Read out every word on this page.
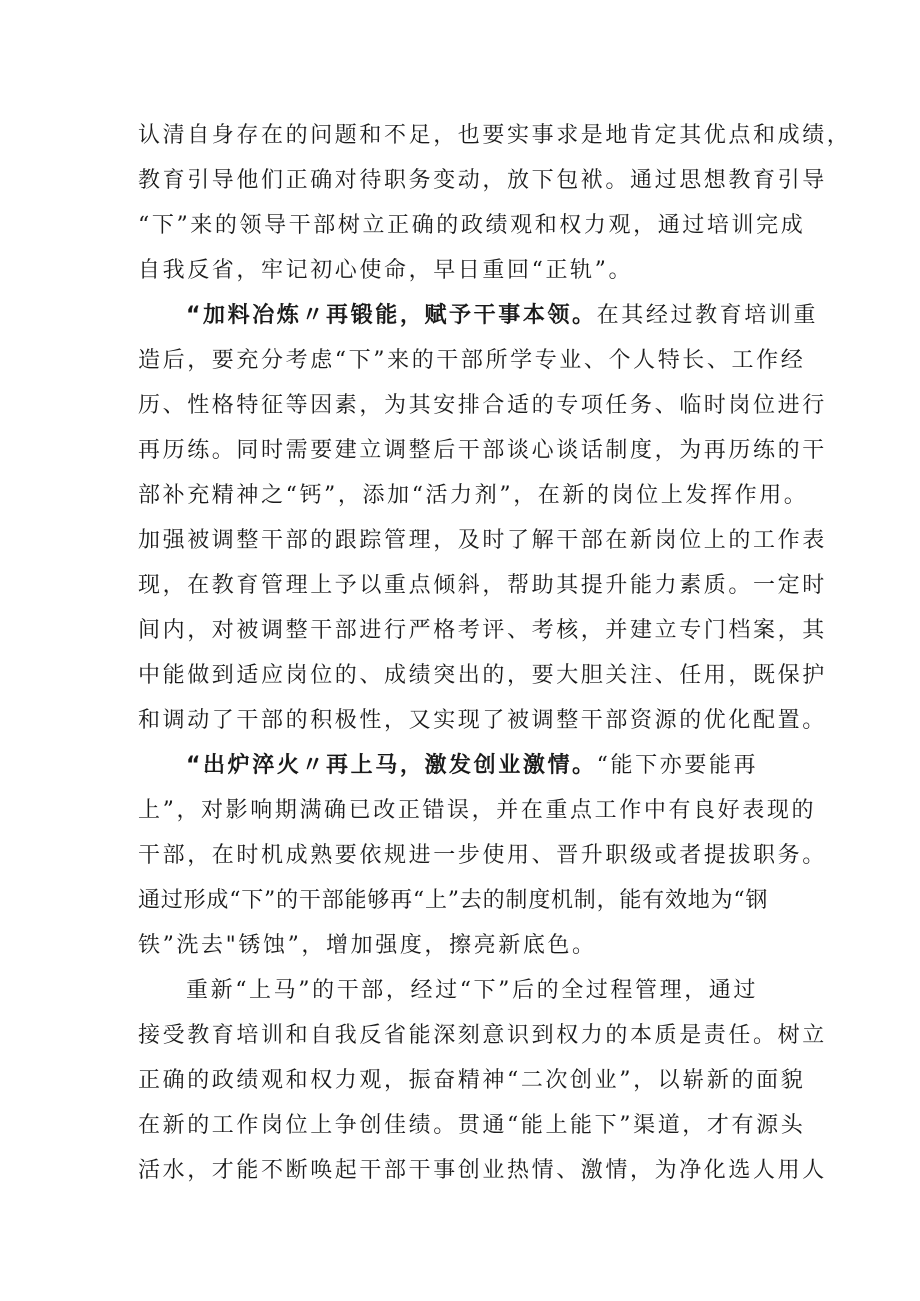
认清自身存在的问题和不足，也要实事求是地肯定其优点和成绩，
教育引导他们正确对待职务变动，放下包袱。通过思想教育引导
“下”来的领导干部树立正确的政绩观和权力观，通过培训完成
自我反省，牢记初心使命，早日重回“正轨”。
“加料冶炼〃再锻能，赋予干事本领。在其经过教育培训重
造后，要充分考虑“下”来的干部所学专业、个人特长、工作经
历、性格特征等因素，为其安排合适的专项任务、临时岗位进行
再历练。同时需要建立调整后干部谈心谈话制度，为再历练的干
部补充精神之“钙”，添加“活力剂”，在新的岗位上发挥作用。
加强被调整干部的跟踪管理，及时了解干部在新岗位上的工作表
现，在教育管理上予以重点倾斜，帮助其提升能力素质。一定时
间内，对被调整干部进行严格考评、考核，并建立专门档案，其
中能做到适应岗位的、成绩突出的，要大胆关注、任用，既保护
和调动了干部的积极性，又实现了被调整干部资源的优化配置。
“出炉淬火〃再上马，激发创业激情。“能下亦要能再
上”，对影响期满确已改正错误，并在重点工作中有良好表现的
干部，在时机成熟要依规进一步使用、晋升职级或者提拔职务。
通过形成“下”的干部能够再“上”去的制度机制，能有效地为“钢
铁”洗去"锈蚀”，增加强度，擦亮新底色。
重新“上马”的干部，经过“下”后的全过程管理，通过
接受教育培训和自我反省能深刻意识到权力的本质是责任。树立
正确的政绩观和权力观，振奋精神“二次创业”，以崭新的面貌
在新的工作岗位上争创佳绩。贯通“能上能下”渠道，才有源头
活水，才能不断唤起干部干事创业热情、激情，为净化选人用人
